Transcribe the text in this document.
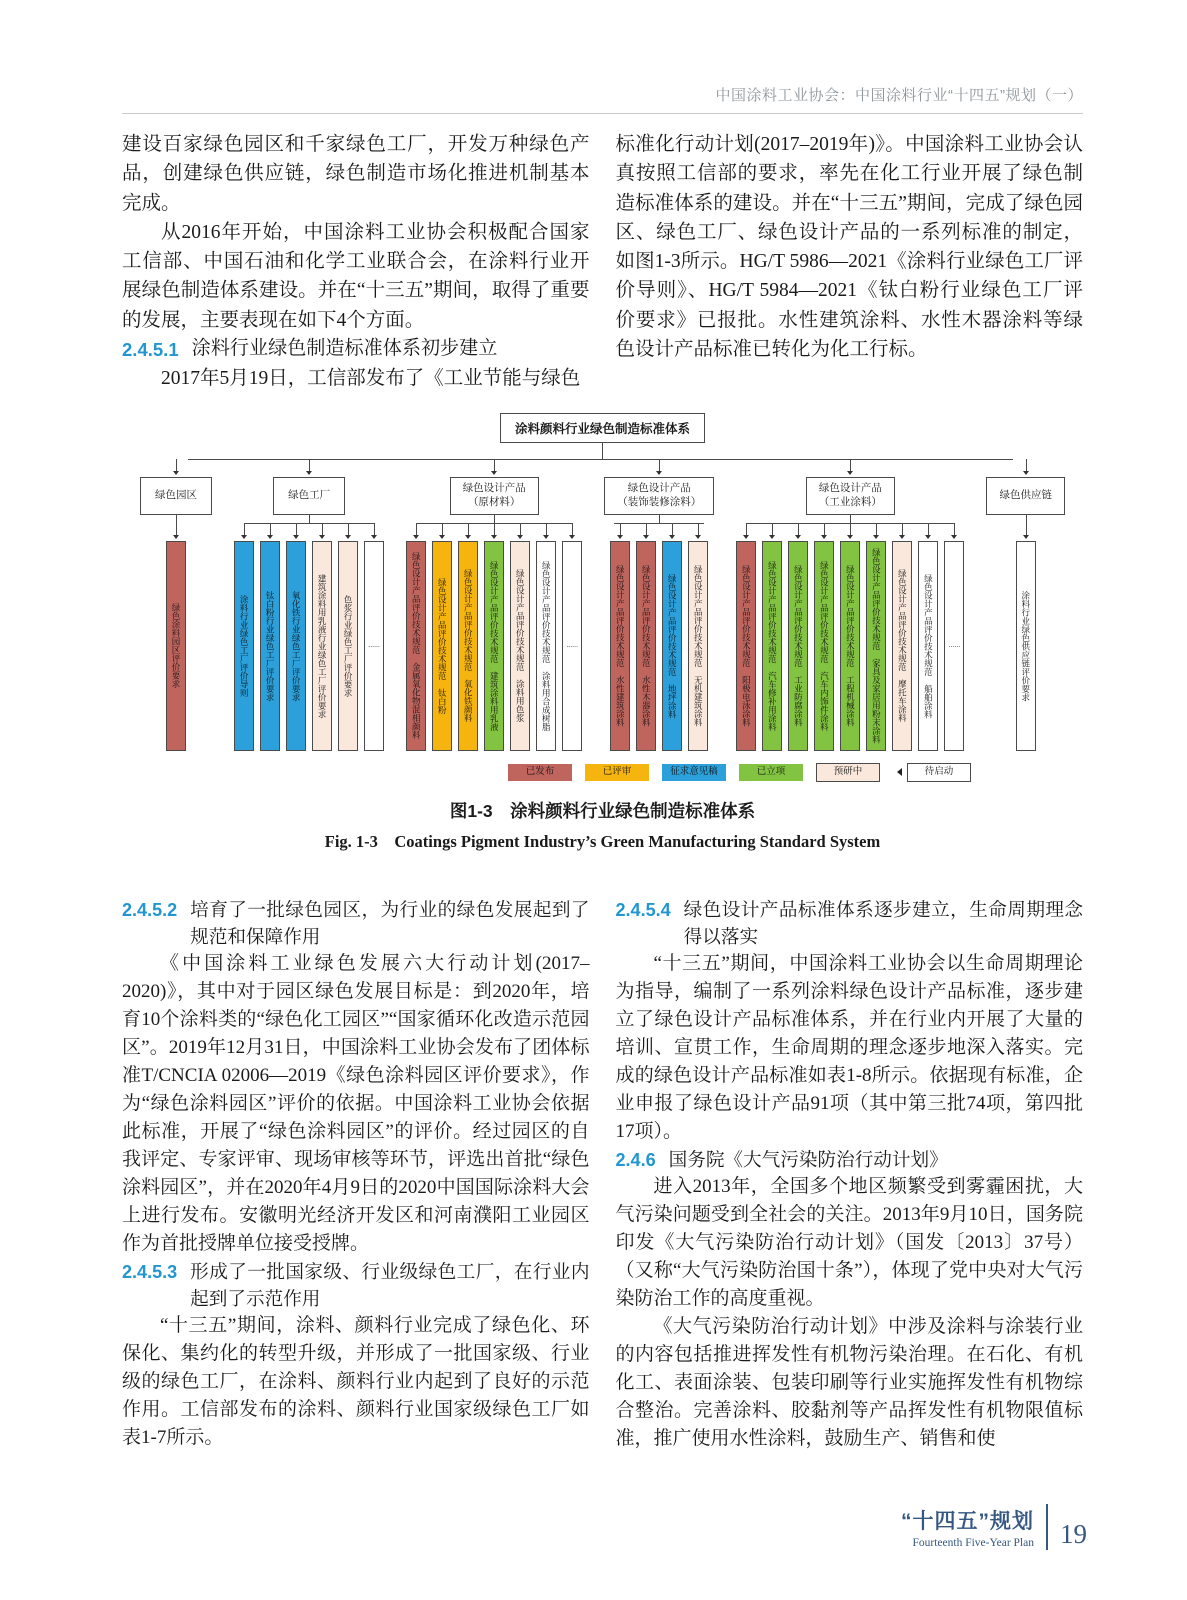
中国涂料工业协会：中国涂料行业“十四五”规划（一）

建设百家绿色园区和千家绿色工厂，开发万种绿色产品，创建绿色供应链，绿色制造市场化推进机制基本完成。

从2016年开始，中国涂料工业协会积极配合国家工信部、中国石油和化学工业联合会，在涂料行业开展绿色制造体系建设。并在“十三五”期间，取得了重要的发展，主要表现在如下4个方面。

2.4.5.1 涂料行业绿色制造标准体系初步建立

2017年5月19日，工信部发布了《工业节能与绿色

标准化行动计划(2017–2019年)》。中国涂料工业协会认真按照工信部的要求，率先在化工行业开展了绿色制造标准体系的建设。并在“十三五”期间，完成了绿色园区、绿色工厂、绿色设计产品的一系列标准的制定，如图1-3所示。HG/T 5986—2021《涂料行业绿色工厂评价导则》、HG/T 5984—2021《钛白粉行业绿色工厂评价要求》已报批。水性建筑涂料、水性木器涂料等绿色设计产品标准已转化为化工行标。

涂料颜料行业绿色制造标准体系
绿色园区
绿色涂料园区评价要求
绿色工厂
涂料行业绿色工厂评价导则	钛白粉行业绿色工厂评价要求	氧化铁行业绿色工厂评价要求	建筑涂料用乳液行业绿色工厂评价要求	色浆行业绿色工厂评价要求	......
绿色设计产品
（原材料）
绿色设计产品评价技术规范　金属氧化物混相颜料	绿色设计产品评价技术规范　钛白粉	绿色设计产品评价技术规范　氧化铁颜料	绿色设计产品评价技术规范　建筑涂料用乳液	绿色设计产品评价技术规范　涂料用色浆	绿色设计产品评价技术规范　涂料用合成树脂	......
绿色设计产品
（装饰装修涂料）
绿色设计产品评价技术规范　水性建筑涂料	绿色设计产品评价技术规范　水性木器涂料	绿色设计产品评价技术规范　地坪涂料	绿色设计产品评价技术规范　无机建筑涂料
绿色设计产品
（工业涂料）
绿色设计产品评价技术规范　阳极电泳涂料	绿色设计产品评价技术规范　汽车修补用涂料	绿色设计产品评价技术规范　工业防腐涂料	绿色设计产品评价技术规范　汽车内饰件涂料	绿色设计产品评价技术规范　工程机械涂料	绿色设计产品评价技术规范　家具及家居用粉末涂料	绿色设计产品评价技术规范　摩托车涂料	绿色设计产品评价技术规范　船舶涂料	......
绿色供应链
涂料行业绿色供应链评价要求
已发布	已评审	征求意见稿	已立项	预研中	待启动
图1-3　涂料颜料行业绿色制造标准体系
Fig. 1-3　Coatings Pigment Industry’s Green Manufacturing Standard System
2.4.5.2 培育了一批绿色园区，为行业的绿色发展起到了规范和保障作用

《中国涂料工业绿色发展六大行动计划(2017–2020)》，其中对于园区绿色发展目标是：到2020年，培育10个涂料类的“绿色化工园区”“国家循环化改造示范园区”。2019年12月31日，中国涂料工业协会发布了团体标准T/CNCIA 02006—2019《绿色涂料园区评价要求》，作为“绿色涂料园区”评价的依据。中国涂料工业协会依据此标准，开展了“绿色涂料园区”的评价。经过园区的自我评定、专家评审、现场审核等环节，评选出首批“绿色涂料园区”，并在2020年4月9日的2020中国国际涂料大会上进行发布。安徽明光经济开发区和河南濮阳工业园区作为首批授牌单位接受授牌。

2.4.5.3 形成了一批国家级、行业级绿色工厂，在行业内起到了示范作用

“十三五”期间，涂料、颜料行业完成了绿色化、环保化、集约化的转型升级，并形成了一批国家级、行业级的绿色工厂，在涂料、颜料行业内起到了良好的示范作用。工信部发布的涂料、颜料行业国家级绿色工厂如表1-7所示。

2.4.5.4 绿色设计产品标准体系逐步建立，生命周期理念得以落实

“十三五”期间，中国涂料工业协会以生命周期理论为指导，编制了一系列涂料绿色设计产品标准，逐步建立了绿色设计产品标准体系，并在行业内开展了大量的培训、宣贯工作，生命周期的理念逐步地深入落实。完成的绿色设计产品标准如表1-8所示。依据现有标准，企业申报了绿色设计产品91项（其中第三批74项，第四批17项）。

2.4.6 国务院《大气污染防治行动计划》

进入2013年，全国多个地区频繁受到雾霾困扰，大气污染问题受到全社会的关注。2013年9月10日，国务院印发《大气污染防治行动计划》（国发〔2013〕37号）（又称“大气污染防治国十条”），体现了党中央对大气污染防治工作的高度重视。

《大气污染防治行动计划》中涉及涂料与涂装行业的内容包括推进挥发性有机物污染治理。在石化、有机化工、表面涂装、包装印刷等行业实施挥发性有机物综合整治。完善涂料、胶黏剂等产品挥发性有机物限值标准，推广使用水性涂料，鼓励生产、销售和使

“十四五”规划
Fourteenth Five-Year Plan 19
